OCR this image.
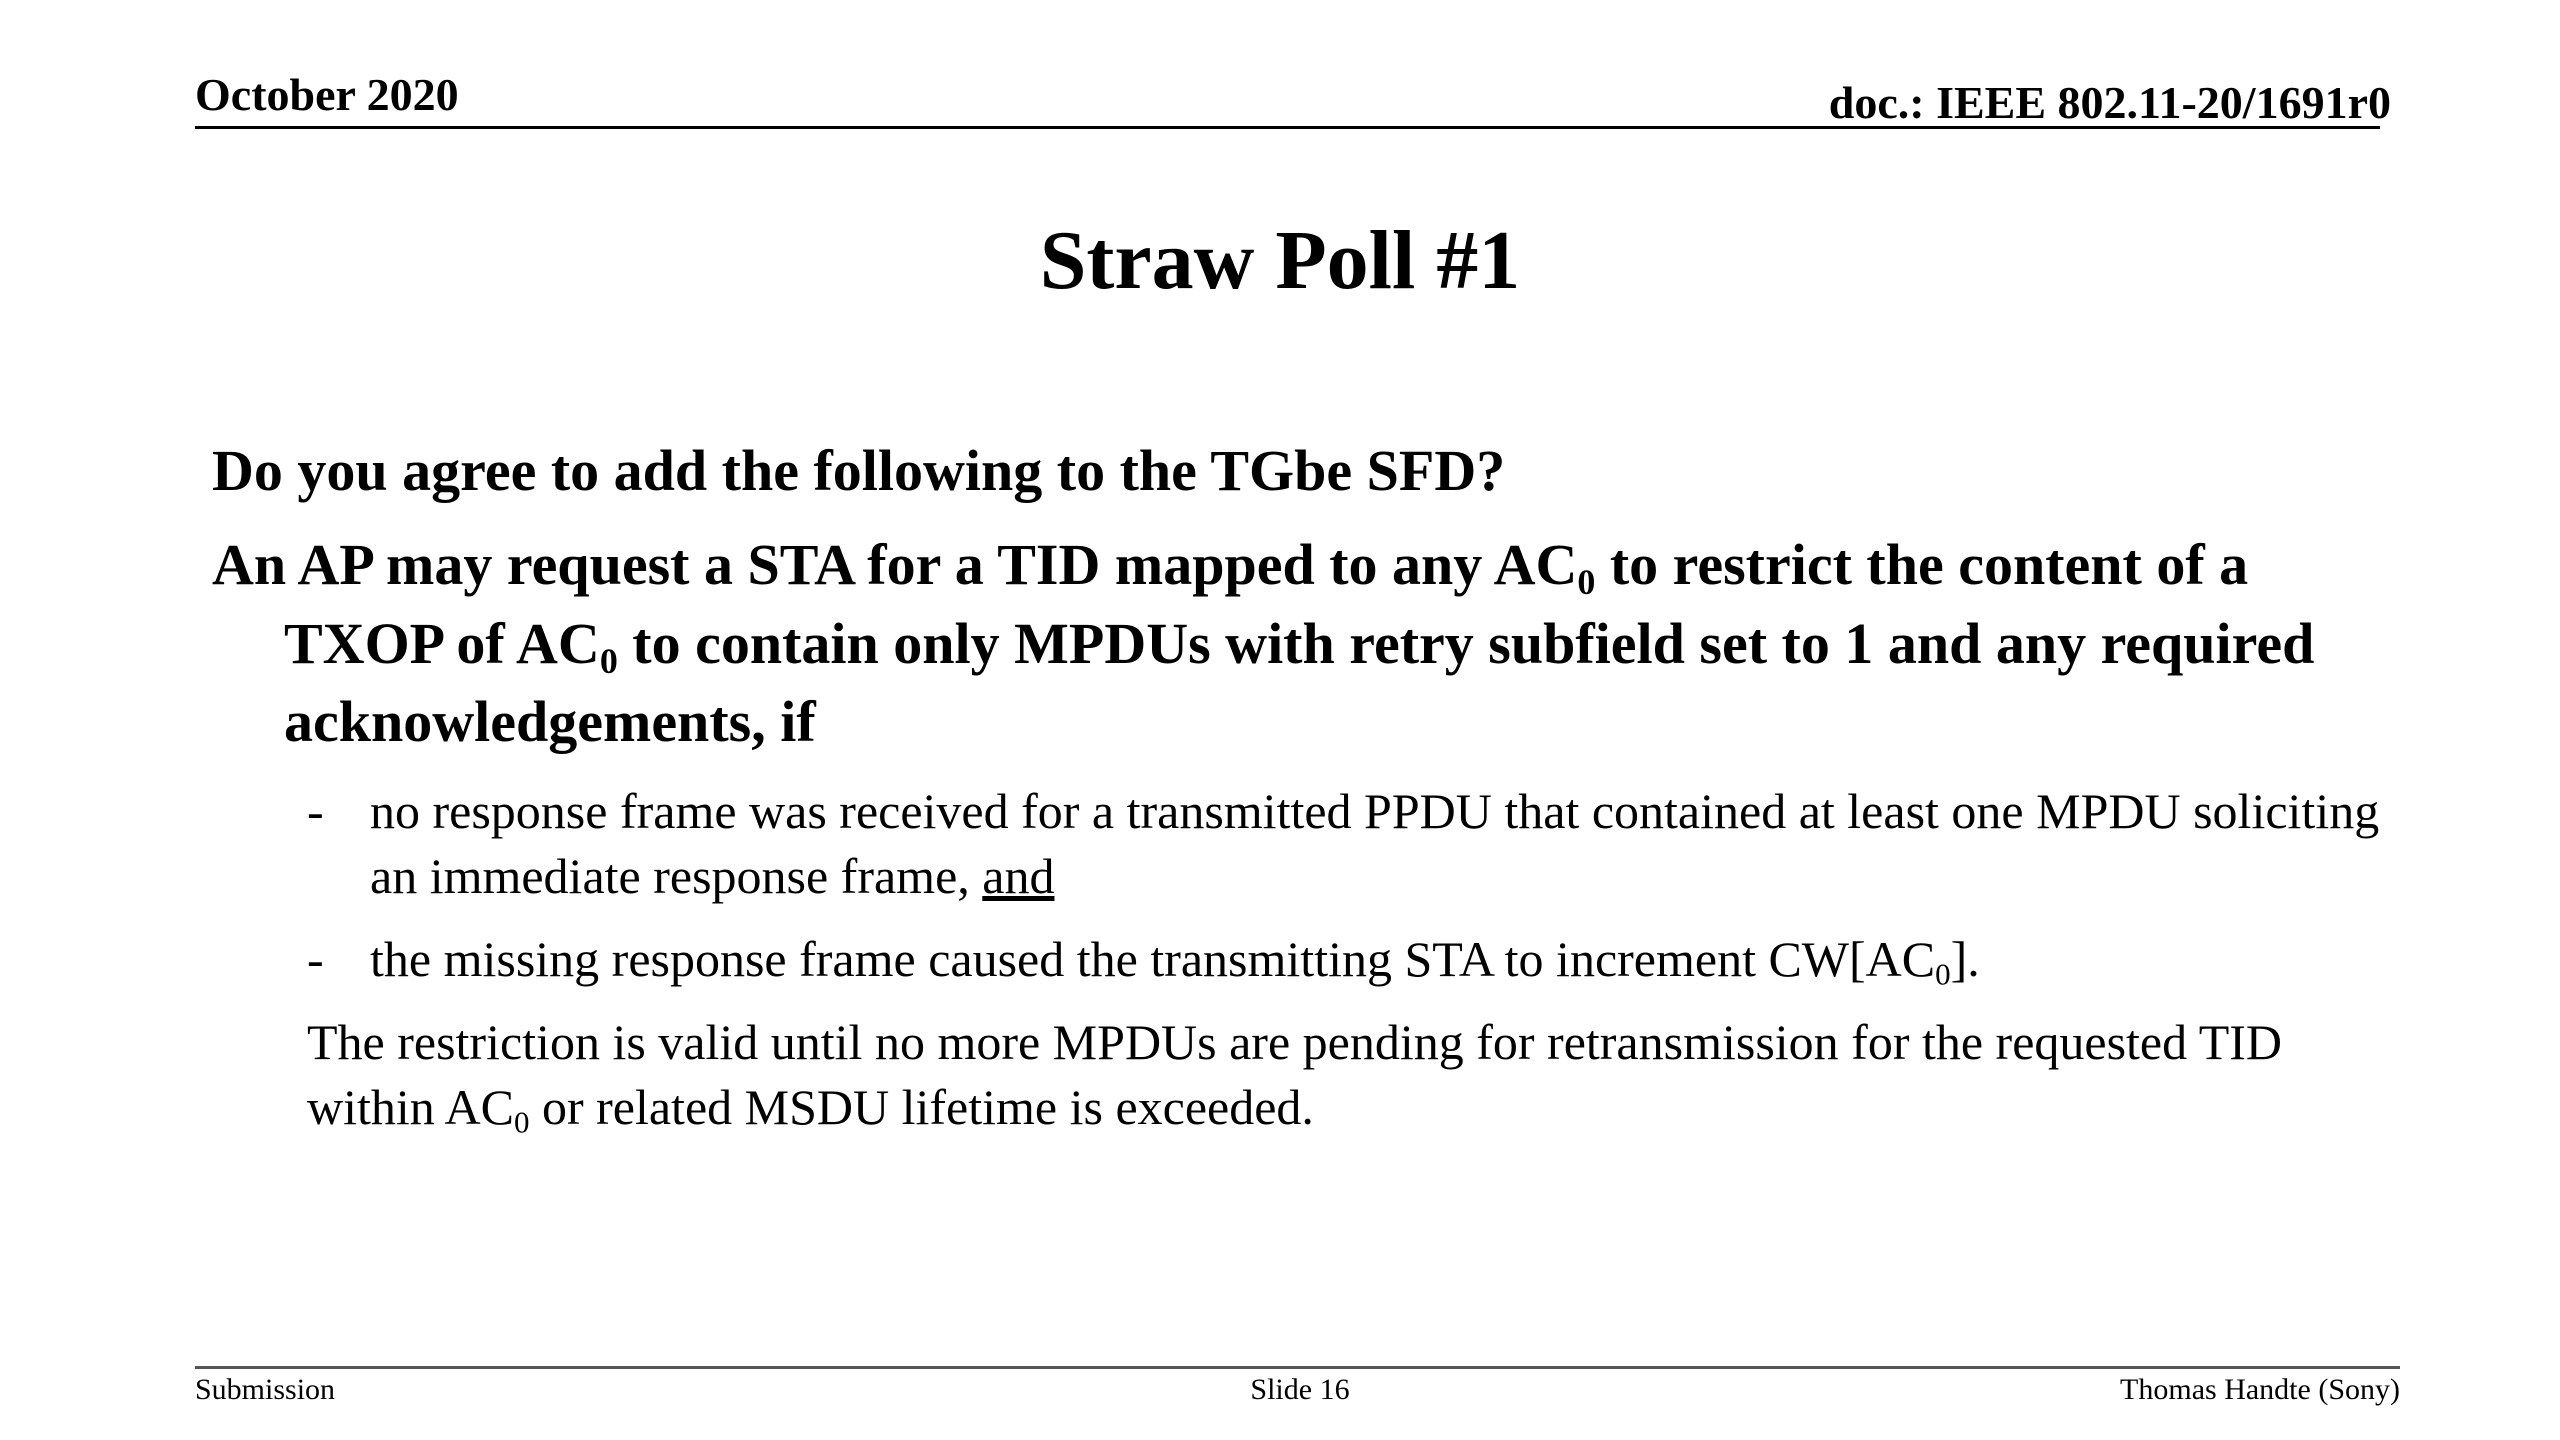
October 2020	doc.: IEEE 802.11-20/1691r0
Straw Poll #1

Do you agree to add the following to the TGbe SFD?

An AP may request a STA for a TID mapped to any $AC_0$ to restrict the content of a TXOP of $AC_0$ to contain only MPDUs with retry subfield set to 1 and any required acknowledgements, if

- no response frame was received for a transmitted PPDU that contained at least one MPDU soliciting an immediate response frame, and
- the missing response frame caused the transmitting STA to increment $CW[AC_0]$.

The restriction is valid until no more MPDUs are pending for retransmission for the requested TID within $AC_0$ or related MSDU lifetime is exceeded.

Submission	Slide 16	Thomas Handte (Sony)
